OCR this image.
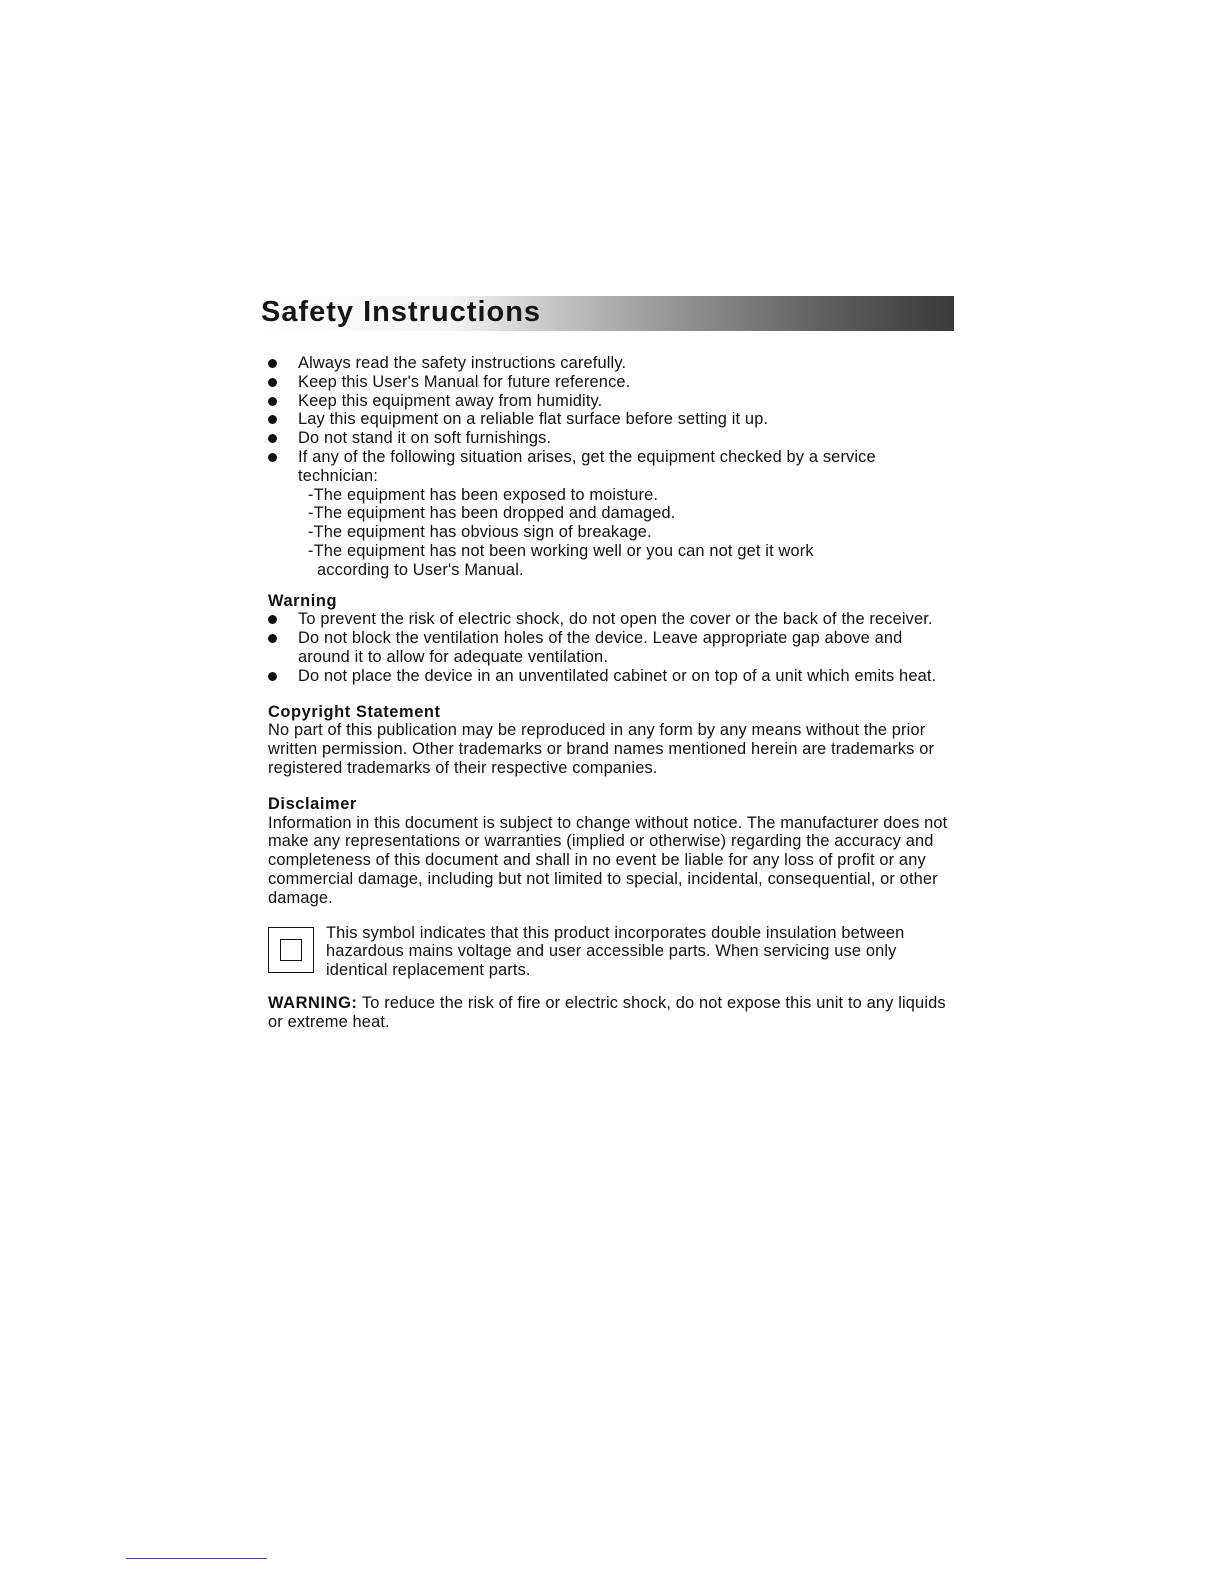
Safety Instructions
Always read the safety instructions carefully.
Keep this User's Manual for future reference.
Keep this equipment away from humidity.
Lay this equipment on a reliable flat surface before setting it up.
Do not stand it on soft furnishings.
If any of the following situation arises, get the equipment checked by a service technician:
-The equipment has been exposed to moisture.
-The equipment has been dropped and damaged.
-The equipment has obvious sign of breakage.
-The equipment has not been working well or you can not get it work
according to User's Manual.
Warning
To prevent the risk of electric shock, do not open the cover or the back of the receiver.
Do not block the ventilation holes of the device. Leave appropriate gap above and around it to allow for adequate ventilation.
Do not place the device in an unventilated cabinet or on top of a unit which emits heat.
Copyright Statement

No part of this publication may be reproduced in any form by any means without the prior written permission. Other trademarks or brand names mentioned herein are trademarks or registered trademarks of their respective companies.

Disclaimer

Information in this document is subject to change without notice. The manufacturer does not make any representations or warranties (implied or otherwise) regarding the accuracy and completeness of this document and shall in no event be liable for any loss of profit or any commercial damage, including but not limited to special, incidental, consequential, or other damage.

This symbol indicates that this product incorporates double insulation between hazardous mains voltage and user accessible parts. When servicing use only identical replacement parts.

WARNING: To reduce the risk of fire or electric shock, do not expose this unit to any liquids or extreme heat.
